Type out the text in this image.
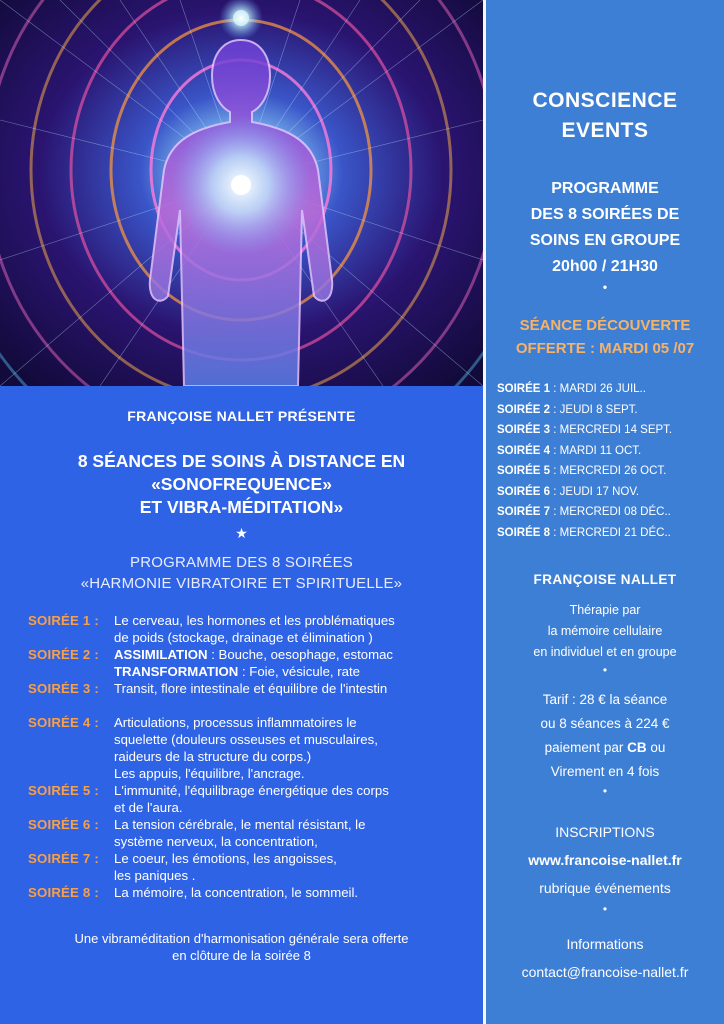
FRANÇOISE NALLET PRÉSENTE
8 SÉANCES DE SOINS À DISTANCE EN
«SONOFREQUENCE»
ET VIBRA-MÉDITATION»
★
PROGRAMME DES 8 SOIRÉES
«HARMONIE VIBRATOIRE ET SPIRITUELLE»
SOIRÉE 1 :	Le cerveau, les hormones et les problématiques
de poids (stockage, drainage et élimination )
SOIRÉE 2 :	ASSIMILATION : Bouche, oesophage, estomac
TRANSFORMATION : Foie, vésicule, rate
SOIRÉE 3 :	Transit, flore intestinale et équilibre de l'intestin
SOIRÉE 4 :	Articulations, processus inflammatoires le
squelette (douleurs osseuses et musculaires,
raideurs de la structure du corps.)
Les appuis, l'équilibre, l'ancrage.
SOIRÉE 5 :	L'immunité, l'équilibrage énergétique des corps
et de l'aura.
SOIRÉE 6 :	La tension cérébrale, le mental résistant, le
système nerveux, la concentration,
SOIRÉE 7 :	Le coeur, les émotions, les angoisses,
les paniques .
SOIRÉE 8 :	La mémoire, la concentration, le sommeil.
Une vibraméditation d'harmonisation générale sera offerte
en clôture de la soirée 8
CONSCIENCE
EVENTS
PROGRAMME
DES 8 SOIRÉES DE
SOINS EN GROUPE
20h00 / 21H30
•
SÉANCE DÉCOUVERTE
OFFERTE : MARDI 05 /07
SOIRÉE 1 : MARDI 26 JUIL..
SOIRÉE 2 : JEUDI 8 SEPT.
SOIRÉE 3 : MERCREDI 14 SEPT.
SOIRÉE 4 : MARDI 11 OCT.
SOIRÉE 5 : MERCREDI 26 OCT.
SOIRÉE 6 : JEUDI 17 NOV.
SOIRÉE 7 : MERCREDI 08 DÉC..
SOIRÉE 8 : MERCREDI 21 DÉC..
FRANÇOISE NALLET
Thérapie par
la mémoire cellulaire
en individuel et en groupe
•
Tarif : 28 € la séance
ou 8 séances à 224 €
paiement par CB ou
Virement en 4 fois
•
INSCRIPTIONS
www.francoise-nallet.fr
rubrique événements
•
Informations
contact@francoise-nallet.fr
